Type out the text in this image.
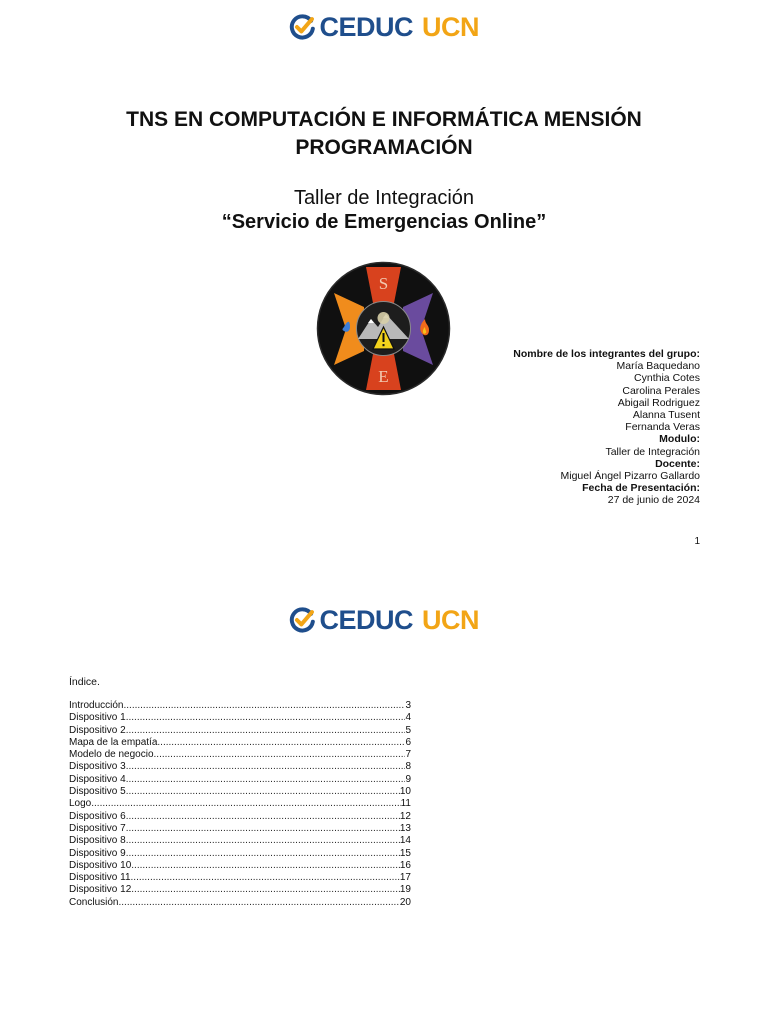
CEDUC UCN
TNS EN COMPUTACIÓN E INFORMÁTICA MENSIÓN
PROGRAMACIÓN
Taller de Integración
“Servicio de Emergencias Online”
S
E
Nombre de los integrantes del grupo:
María Baquedano
Cynthia Cotes
Carolina Perales
Abigail Rodriguez
Alanna Tusent
Fernanda Veras
Modulo:
Taller de Integración
Docente:
Miguel Ángel Pizarro Gallardo
Fecha de Presentación:
27 de junio de 2024
1
CEDUC UCN
Índice.
Introducción .....	3
Dispositivo 1 .....	4
Dispositivo 2 .....	5
Mapa de la empatía .....	6
Modelo de negocio .....	7
Dispositivo 3 .....	8
Dispositivo 4 .....	9
Dispositivo 5 .....	10
Logo .....	11
Dispositivo 6 .....	12
Dispositivo 7 .....	13
Dispositivo 8 .....	14
Dispositivo 9 .....	15
Dispositivo 10 .....	16
Dispositivo 11 .....	17
Dispositivo 12 .....	19
Conclusión .....	20
